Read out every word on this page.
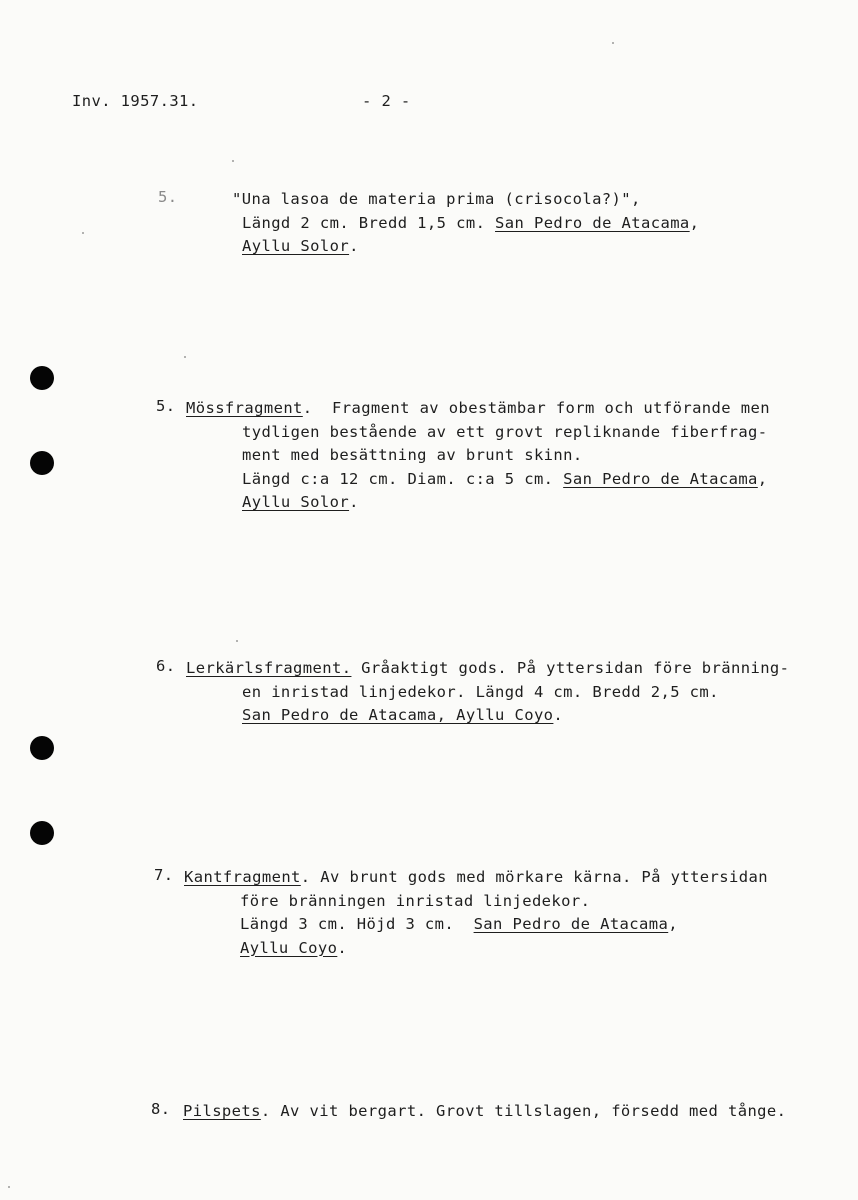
Inv. 1957.31.	- 2 -
5.	"Una lasoa de materia prima (crisocola?)",
Längd 2 cm. Bredd 1,5 cm. San Pedro de Atacama,
Ayllu Solor.
5. Mössfragment.  Fragment av obestämbar form och utförande men
tydligen bestående av ett grovt repliknande fiberfrag-
ment med besättning av brunt skinn.
Längd c:a 12 cm. Diam. c:a 5 cm. San Pedro de Atacama,
Ayllu Solor.
6. Lerkärlsfragment. Gråaktigt gods. På yttersidan före bränning-
en inristad linjedekor. Längd 4 cm. Bredd 2,5 cm.
San Pedro de Atacama, Ayllu Coyo.
7. Kantfragment. Av brunt gods med mörkare kärna. På yttersidan
före bränningen inristad linjedekor.
Längd 3 cm. Höjd 3 cm.  San Pedro de Atacama,
Ayllu Coyo.
8. Pilspets. Av vit bergart. Grovt tillslagen, försedd med tånge.
